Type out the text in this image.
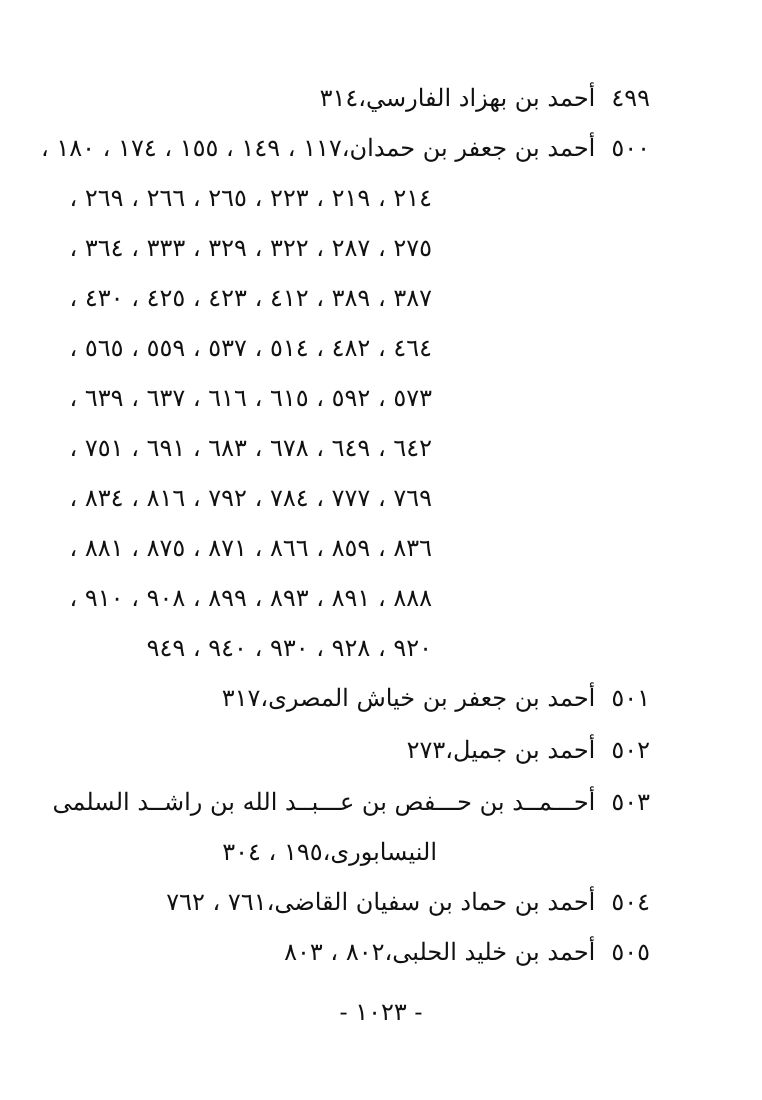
٤٩٩أحمد بن بهزاد الفارسي،٣١٤
٥٠٠أحمد بن جعفر بن حمدان،١١٧ ، ١٤٩ ، ١٥٥ ، ١٧٤ ، ١٨٠ ،
٢١٤ ، ٢١٩ ، ٢٢٣ ، ٢٦٥ ، ٢٦٦ ، ٢٦٩ ،
٢٧٥ ، ٢٨٧ ، ٣٢٢ ، ٣٢٩ ، ٣٣٣ ، ٣٦٤ ،
٣٨٧ ، ٣٨٩ ، ٤١٢ ، ٤٢٣ ، ٤٢٥ ، ٤٣٠ ،
٤٦٤ ، ٤٨٢ ، ٥١٤ ، ٥٣٧ ، ٥٥٩ ، ٥٦٥ ،
٥٧٣ ، ٥٩٢ ، ٦١٥ ، ٦١٦ ، ٦٣٧ ، ٦٣٩ ،
٦٤٢ ، ٦٤٩ ، ٦٧٨ ، ٦٨٣ ، ٦٩١ ، ٧٥١ ،
٧٦٩ ، ٧٧٧ ، ٧٨٤ ، ٧٩٢ ، ٨١٦ ، ٨٣٤ ،
٨٣٦ ، ٨٥٩ ، ٨٦٦ ، ٨٧١ ، ٨٧٥ ، ٨٨١ ،
٨٨٨ ، ٨٩١ ، ٨٩٣ ، ٨٩٩ ، ٩٠٨ ، ٩١٠ ،
٩٢٠ ، ٩٢٨ ، ٩٣٠ ، ٩٤٠ ، ٩٤٩
٥٠١أحمد بن جعفر بن خياش المصرى،٣١٧
٥٠٢أحمد بن جميل،٢٧٣
٥٠٣أحـــمــد بن حـــفص بن عـــبــد الله بن راشــد السلمى
النيسابورى،١٩٥ ، ٣٠٤
٥٠٤أحمد بن حماد بن سفيان القاضى،٧٦١ ، ٧٦٢
٥٠٥أحمد بن خليد الحلبى،٨٠٢ ، ٨٠٣
- ١٠٢٣ -
